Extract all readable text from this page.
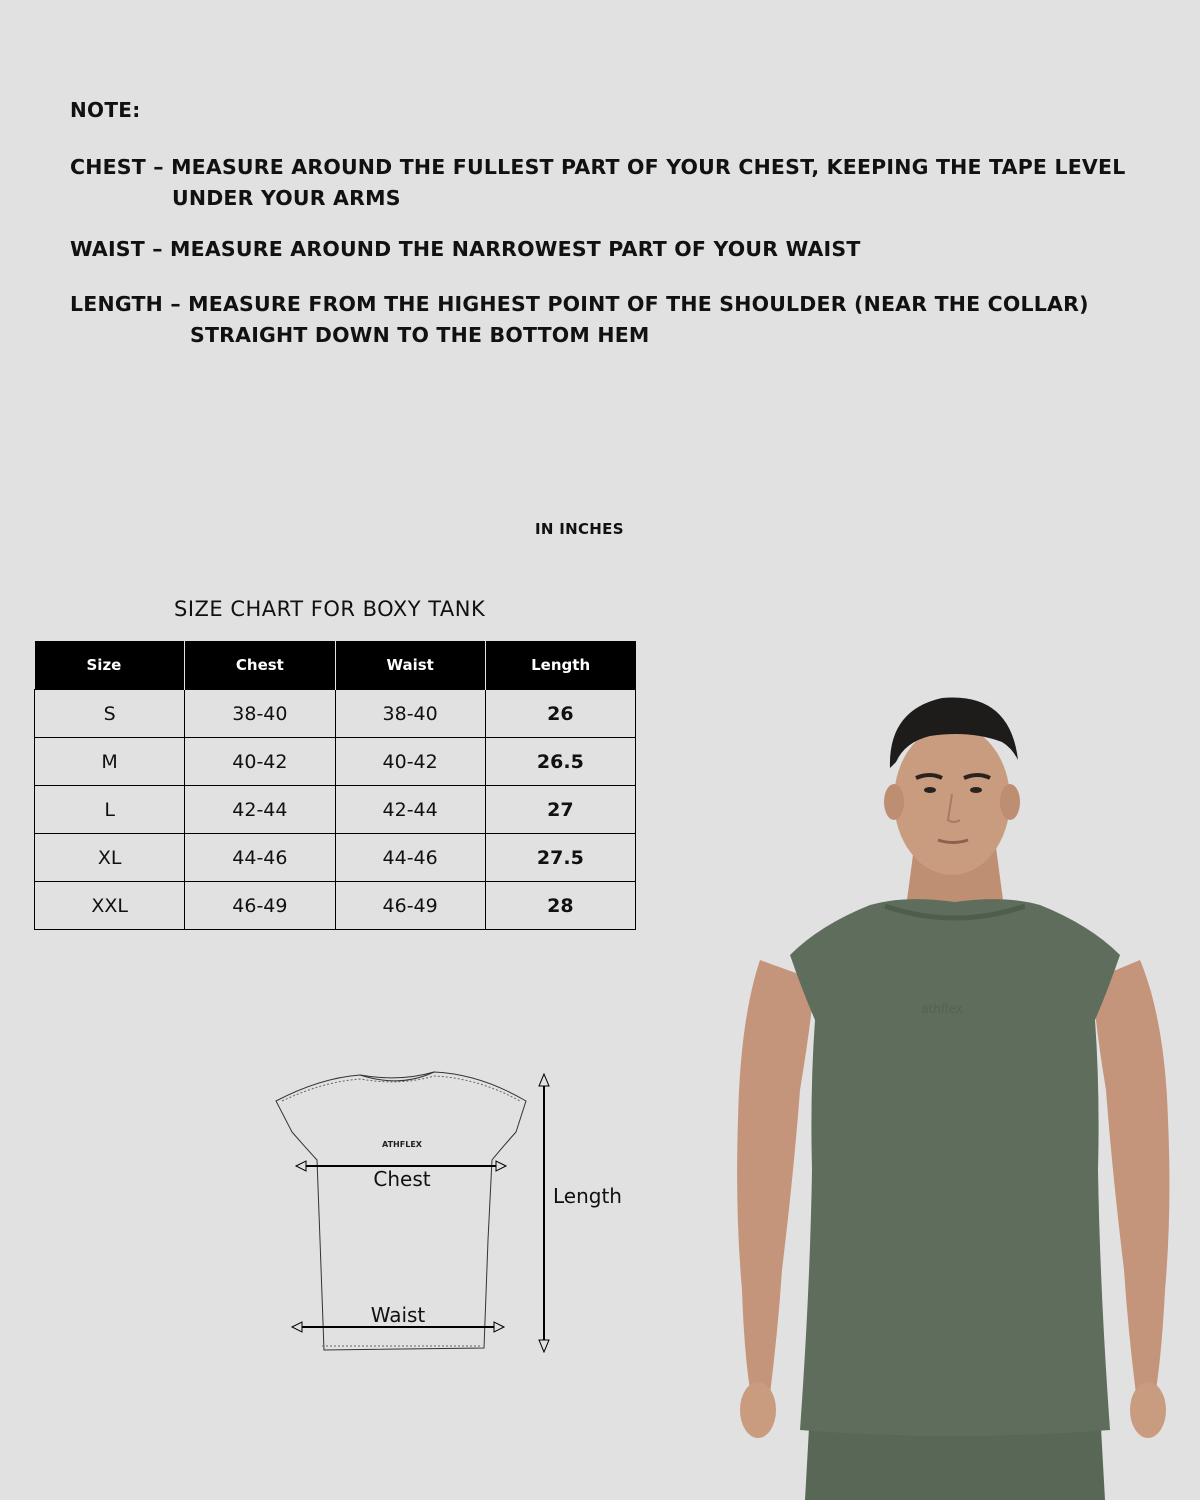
NOTE:
CHEST – MEASURE AROUND THE FULLEST PART OF YOUR CHEST, KEEPING THE TAPE LEVEL
UNDER YOUR ARMS
WAIST – MEASURE AROUND THE NARROWEST PART OF YOUR WAIST
LENGTH – MEASURE FROM THE HIGHEST POINT OF THE SHOULDER (NEAR THE COLLAR)
STRAIGHT DOWN TO THE BOTTOM HEM
IN INCHES
SIZE CHART FOR BOXY TANK
Size	Chest	Waist	Length
S	38-40	38-40	26
M	40-42	40-42	26.5
L	42-44	42-44	27
XL	44-46	44-46	27.5
XXL	46-49	46-49	28
ATHFLEX
Chest
Waist
Length
athflex
